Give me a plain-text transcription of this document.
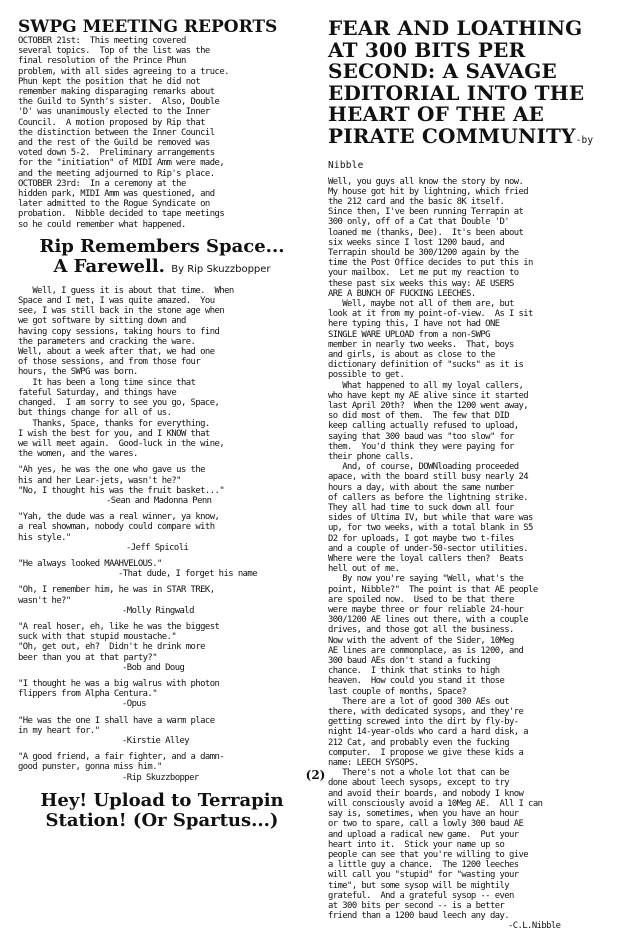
SWPG MEETING REPORTS

OCTOBER 21st:  This meeting covered
several topics.  Top of the list was the
final resolution of the Prince Phun
problem, with all sides agreeing to a truce.
Phun kept the position that he did not
remember making disparaging remarks about
the Guild to Synth's sister.  Also, Double
'D' was unanimously elected to the Inner
Council.  A motion proposed by Rip that
the distinction between the Inner Council
and the rest of the Guild be removed was
voted down 5-2.  Preliminary arrangements
for the "initiation" of MIDI Amm were made,
and the meeting adjourned to Rip's place.
OCTOBER 23rd:  In a ceremony at the
hidden park, MIDI Amm was questioned, and
later admitted to the Rogue Syndicate on
probation.  Nibble decided to tape meetings
so he could remember what happened.

Rip Remembers Space...
A Farewell. By Rip Skuzzbopper

Well, I guess it is about that time.  When
Space and I met, I was quite amazed.  You
see, I was still back in the stone age when
we got software by sitting down and
having copy sessions, taking hours to find
the parameters and cracking the ware.
Well, about a week after that, we had one
of those sessions, and from those four
hours, the SWPG was born.
It has been a long time since that
fateful Saturday, and things have
changed.  I am sorry to see you go, Space,
but things change for all of us.
Thanks, Space, thanks for everything.
I wish the best for you, and I KNOW that
we will meet again.  Good-luck in the wine,
the women, and the wares.

"Ah yes, he was the one who gave us the
his and her Lear-jets, wasn't he?"
"No, I thought his was the fruit basket..."

-Sean and Madonna Penn

"Yah, the dude was a real winner, ya know,
a real showman, nobody could compare with
his style."

-Jeff Spicoli

"He always looked MAAHVELOUS."

-That dude, I forget his name

"Oh, I remember him, he was in STAR TREK,
wasn't he?"

-Molly Ringwald

"A real hoser, eh, like he was the biggest
suck with that stupid moustache."
"Oh, get out, eh?  Didn't he drink more
beer than you at that party?"

-Bob and Doug

"I thought he was a big walrus with photon
flippers from Alpha Centura."

-Opus

"He was the one I shall have a warm place
in my heart for."

-Kirstie Alley

"A good friend, a fair fighter, and a damn-
good punster, gonna miss him."

-Rip Skuzzbopper

Hey! Upload to Terrapin
Station! (Or Spartus...)
FEAR AND LOATHING AT 300 BITS PER SECOND: A SAVAGE EDITORIAL INTO THE HEART OF THE AE PIRATE COMMUNITY-by Nibble

Well, you guys all know the story by now.
My house got hit by lightning, which fried
the 212 card and the basic 8K itself.
Since then, I've been running Terrapin at
300 only, off of a Cat that Double 'D'
loaned me (thanks, Dee).  It's been about
six weeks since I lost 1200 baud, and
Terrapin should be 300/1200 again by the
time the Post Office decides to put this in
your mailbox.  Let me put my reaction to
these past six weeks this way: AE USERS
ARE A BUNCH OF FUCKING LEECHES.
Well, maybe not all of them are, but
look at it from my point-of-view.  As I sit
here typing this, I have not had ONE
SINGLE WARE UPLOAD from a non-SWPG
member in nearly two weeks.  That, boys
and girls, is about as close to the
dictionary definition of "sucks" as it is
possible to get.
What happened to all my loyal callers,
who have kept my AE alive since it started
last April 20th?  When the 1200 went away,
so did most of them.  The few that DID
keep calling actually refused to upload,
saying that 300 baud was "too slow" for
them.  You'd think they were paying for
their phone calls.
And, of course, DOWNloading proceeded
apace, with the board still busy nearly 24
hours a day, with about the same number
of callers as before the lightning strike.
They all had time to suck down all four
sides of Ultima IV, but while that ware was
up, for two weeks, with a total blank in S5
D2 for uploads, I got maybe two t-files
and a couple of under-50-sector utilities.
Where were the loyal callers then?  Beats
hell out of me.
By now you're saying "Well, what's the
point, Nibble?"  The point is that AE people
are spoiled now.  Used to be that there
were maybe three or four reliable 24-hour
300/1200 AE lines out there, with a couple
drives, and those got all the business.
Now with the advent of the Sider, 10Meg
AE lines are commonplace, as is 1200, and
300 baud AEs don't stand a fucking
chance.  I think that stinks to high
heaven.  How could you stand it those
last couple of months, Space?
There are a lot of good 300 AEs out
there, with dedicated sysops, and they're
getting screwed into the dirt by fly-by-
night 14-year-olds who card a hard disk, a
212 Cat, and probably even the fucking
computer.  I propose we give these kids a
name: LEECH SYSOPS.
There's not a whole lot that can be
done about leech sysops, except to try
and avoid their boards, and nobody I know
will consciously avoid a 10Meg AE.  All I can
say is, sometimes, when you have an hour
or two to spare, call a lowly 300 baud AE
and upload a radical new game.  Put your
heart into it.  Stick your name up so
people can see that you're willing to give
a little guy a chance.  The 1200 leeches
will call you "stupid" for "wasting your
time", but some sysop will be mightily
grateful.  And a grateful sysop -- even
at 300 bits per second -- is a better
friend than a 1200 baud leech any day.

-C.L.Nibble

(2)
